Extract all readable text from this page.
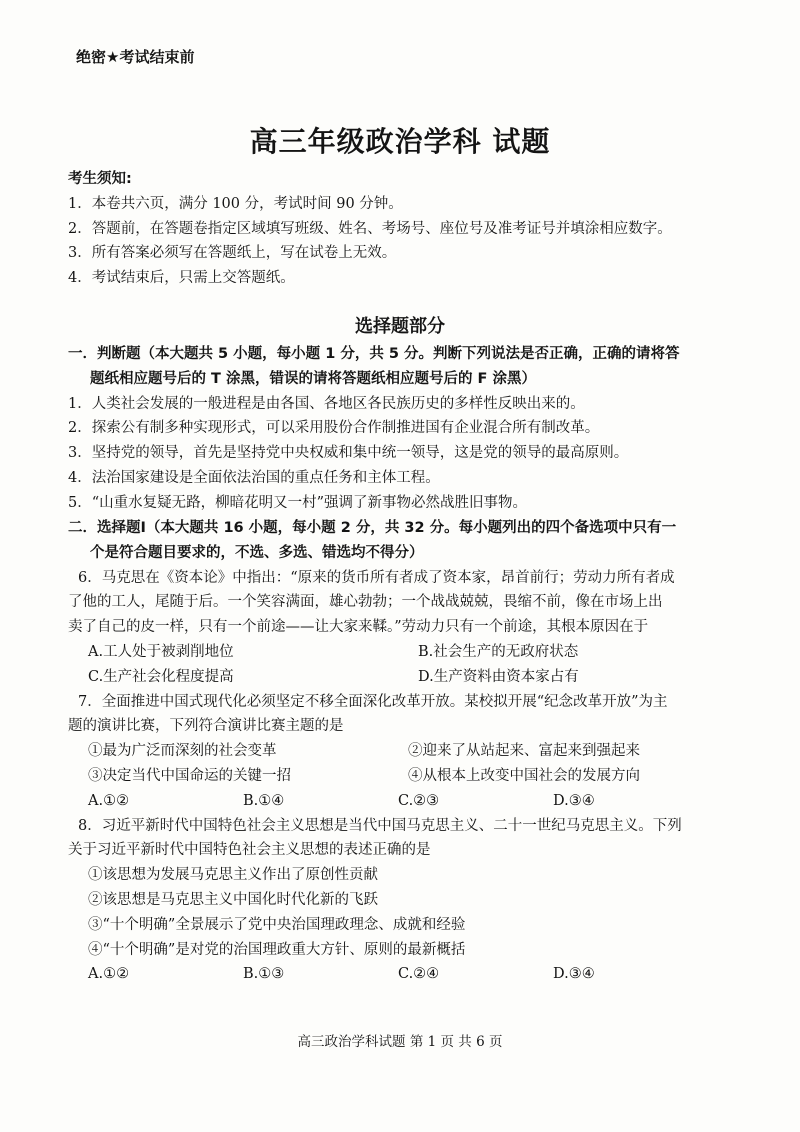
绝密★考试结束前
高三年级政治学科 试题
考生须知:
1．本卷共六页，满分 100 分，考试时间 90 分钟。
2．答题前，在答题卷指定区域填写班级、姓名、考场号、座位号及准考证号并填涂相应数字。
3．所有答案必须写在答题纸上，写在试卷上无效。
4．考试结束后，只需上交答题纸。
选择题部分
一．判断题（本大题共 5 小题，每小题 1 分，共 5 分。判断下列说法是否正确，正确的请将答
题纸相应题号后的 T 涂黑，错误的请将答题纸相应题号后的 F 涂黑）
1．人类社会发展的一般进程是由各国、各地区各民族历史的多样性反映出来的。
2．探索公有制多种实现形式，可以采用股份合作制推进国有企业混合所有制改革。
3．坚持党的领导，首先是坚持党中央权威和集中统一领导，这是党的领导的最高原则。
4．法治国家建设是全面依法治国的重点任务和主体工程。
5．“山重水复疑无路，柳暗花明又一村”强调了新事物必然战胜旧事物。
二．选择题Ⅰ（本大题共 16 小题，每小题 2 分，共 32 分。每小题列出的四个备选项中只有一
个是符合题目要求的，不选、多选、错选均不得分）
6．马克思在《资本论》中指出：“原来的货币所有者成了资本家，昂首前行；劳动力所有者成
了他的工人，尾随于后。一个笑容满面，雄心勃勃；一个战战兢兢，畏缩不前，像在市场上出
卖了自己的皮一样，只有一个前途——让大家来鞣。”劳动力只有一个前途，其根本原因在于
A.工人处于被剥削地位	B.社会生产的无政府状态
C.生产社会化程度提高	D.生产资料由资本家占有
7．全面推进中国式现代化必须坚定不移全面深化改革开放。某校拟开展“纪念改革开放”为主
题的演讲比赛，下列符合演讲比赛主题的是
①最为广泛而深刻的社会变革	②迎来了从站起来、富起来到强起来
③决定当代中国命运的关键一招	④从根本上改变中国社会的发展方向
A.①②	B.①④	C.②③	D.③④
8．习近平新时代中国特色社会主义思想是当代中国马克思主义、二十一世纪马克思主义。下列
关于习近平新时代中国特色社会主义思想的表述正确的是
①该思想为发展马克思主义作出了原创性贡献
②该思想是马克思主义中国化时代化新的飞跃
③“十个明确”全景展示了党中央治国理政理念、成就和经验
④“十个明确”是对党的治国理政重大方针、原则的最新概括
A.①②	B.①③	C.②④	D.③④
高三政治学科试题 第 1 页 共 6 页
